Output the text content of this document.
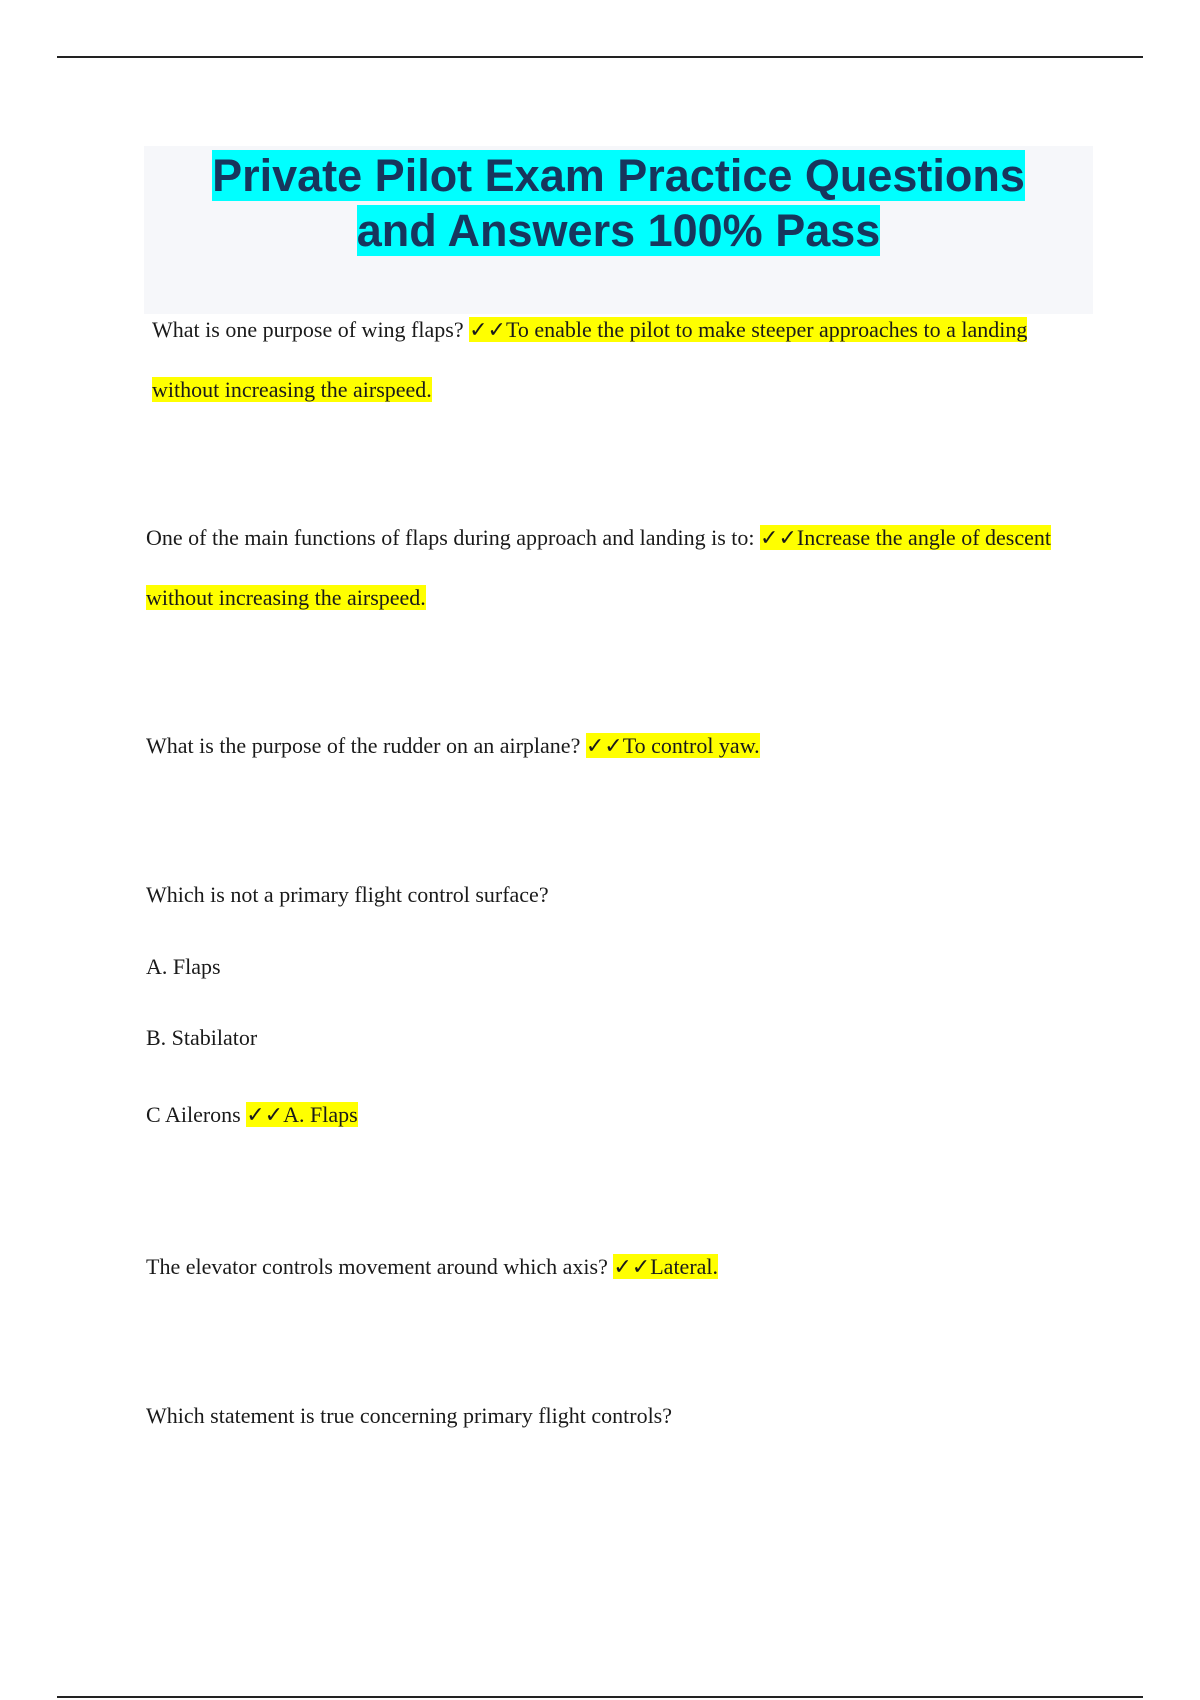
Private Pilot Exam Practice Questions
and Answers 100% Pass

What is one purpose of wing flaps? ✓✓To enable the pilot to make steeper approaches to a landing without increasing the airspeed.

One of the main functions of flaps during approach and landing is to: ✓✓Increase the angle of descent without increasing the airspeed.

What is the purpose of the rudder on an airplane? ✓✓To control yaw.

Which is not a primary flight control surface?

A. Flaps

B. Stabilator

C Ailerons ✓✓A. Flaps

The elevator controls movement around which axis? ✓✓Lateral.

Which statement is true concerning primary flight controls?
